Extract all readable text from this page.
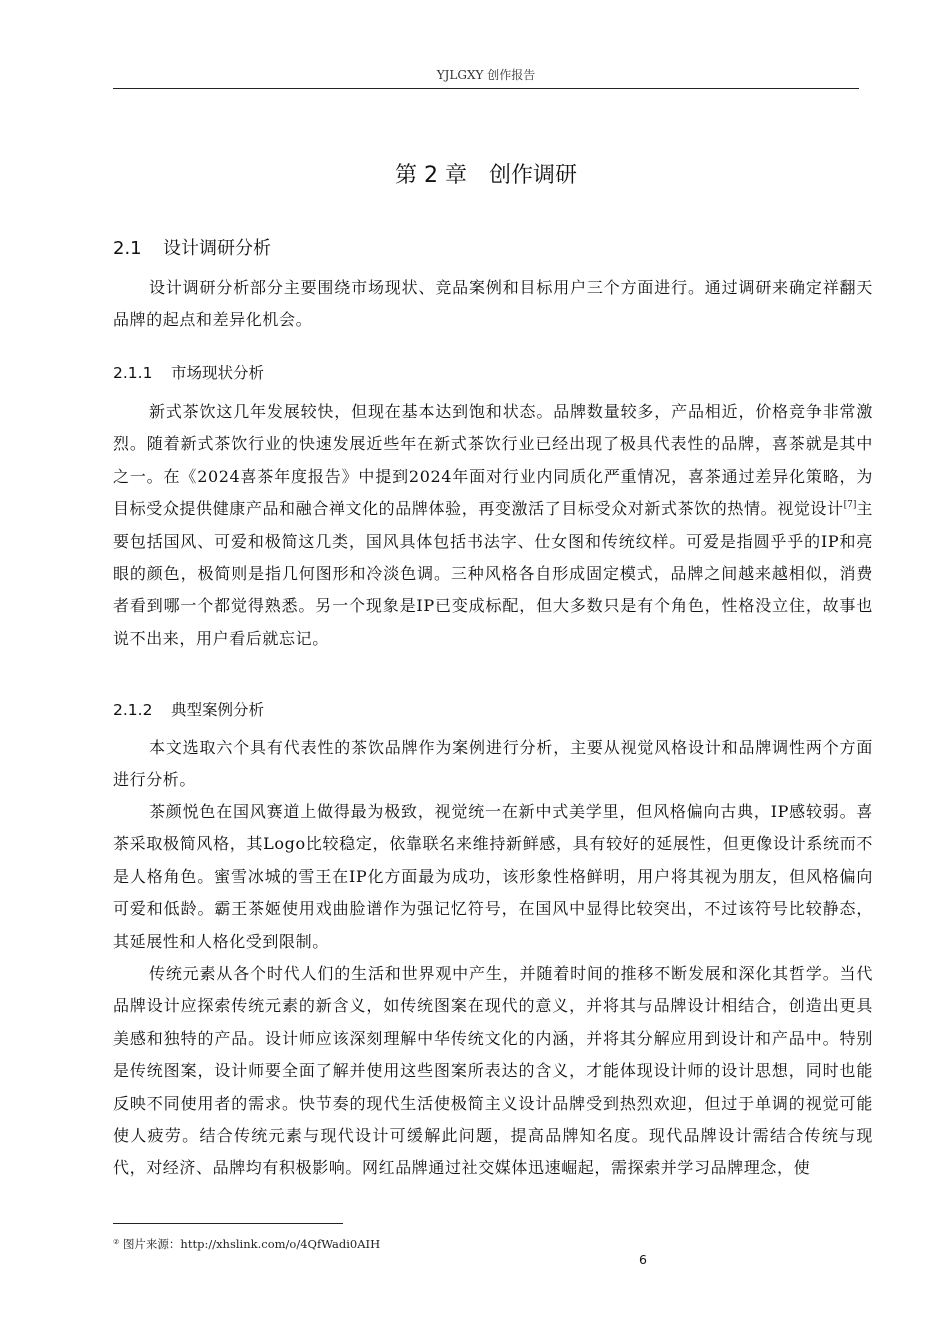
YJLGXY 创作报告
第 2 章 创作调研
2.1 设计调研分析

设计调研分析部分主要围绕市场现状、竞品案例和目标用户三个方面进行。通过调研来确定祥翻天品牌的起点和差异化机会。

2.1.1 市场现状分析

新式茶饮这几年发展较快，但现在基本达到饱和状态。品牌数量较多，产品相近，价格竞争非常激烈。随着新式茶饮行业的快速发展近些年在新式茶饮行业已经出现了极具代表性的品牌，喜茶就是其中之一。在《2024喜茶年度报告》中提到2024年面对行业内同质化严重情况，喜茶通过差异化策略，为目标受众提供健康产品和融合禅文化的品牌体验，再变激活了目标受众对新式茶饮的热情。视觉设计[7]主要包括国风、可爱和极简这几类，国风具体包括书法字、仕女图和传统纹样。可爱是指圆乎乎的IP和亮眼的颜色，极简则是指几何图形和冷淡色调。三种风格各自形成固定模式，品牌之间越来越相似，消费者看到哪一个都觉得熟悉。另一个现象是IP已变成标配，但大多数只是有个角色，性格没立住，故事也说不出来，用户看后就忘记。

2.1.2 典型案例分析

本文选取六个具有代表性的茶饮品牌作为案例进行分析，主要从视觉风格设计和品牌调性两个方面进行分析。

茶颜悦色在国风赛道上做得最为极致，视觉统一在新中式美学里，但风格偏向古典，IP感较弱。喜茶采取极简风格，其Logo比较稳定，依靠联名来维持新鲜感，具有较好的延展性，但更像设计系统而不是人格角色。蜜雪冰城的雪王在IP化方面最为成功，该形象性格鲜明，用户将其视为朋友，但风格偏向可爱和低龄。霸王茶姬使用戏曲脸谱作为强记忆符号，在国风中显得比较突出，不过该符号比较静态，其延展性和人格化受到限制。

传统元素从各个时代人们的生活和世界观中产生，并随着时间的推移不断发展和深化其哲学。当代品牌设计应探索传统元素的新含义，如传统图案在现代的意义，并将其与品牌设计相结合，创造出更具美感和独特的产品。设计师应该深刻理解中华传统文化的内涵，并将其分解应用到设计和产品中。特别是传统图案，设计师要全面了解并使用这些图案所表达的含义，才能体现设计师的设计思想，同时也能反映不同使用者的需求。快节奏的现代生活使极简主义设计品牌受到热烈欢迎，但过于单调的视觉可能使人疲劳。结合传统元素与现代设计可缓解此问题，提高品牌知名度。现代品牌设计需结合传统与现代，对经济、品牌均有积极影响。网红品牌通过社交媒体迅速崛起，需探索并学习品牌理念，使

② 图片来源：http://xhslink.com/o/4QfWadi0AIH
6
